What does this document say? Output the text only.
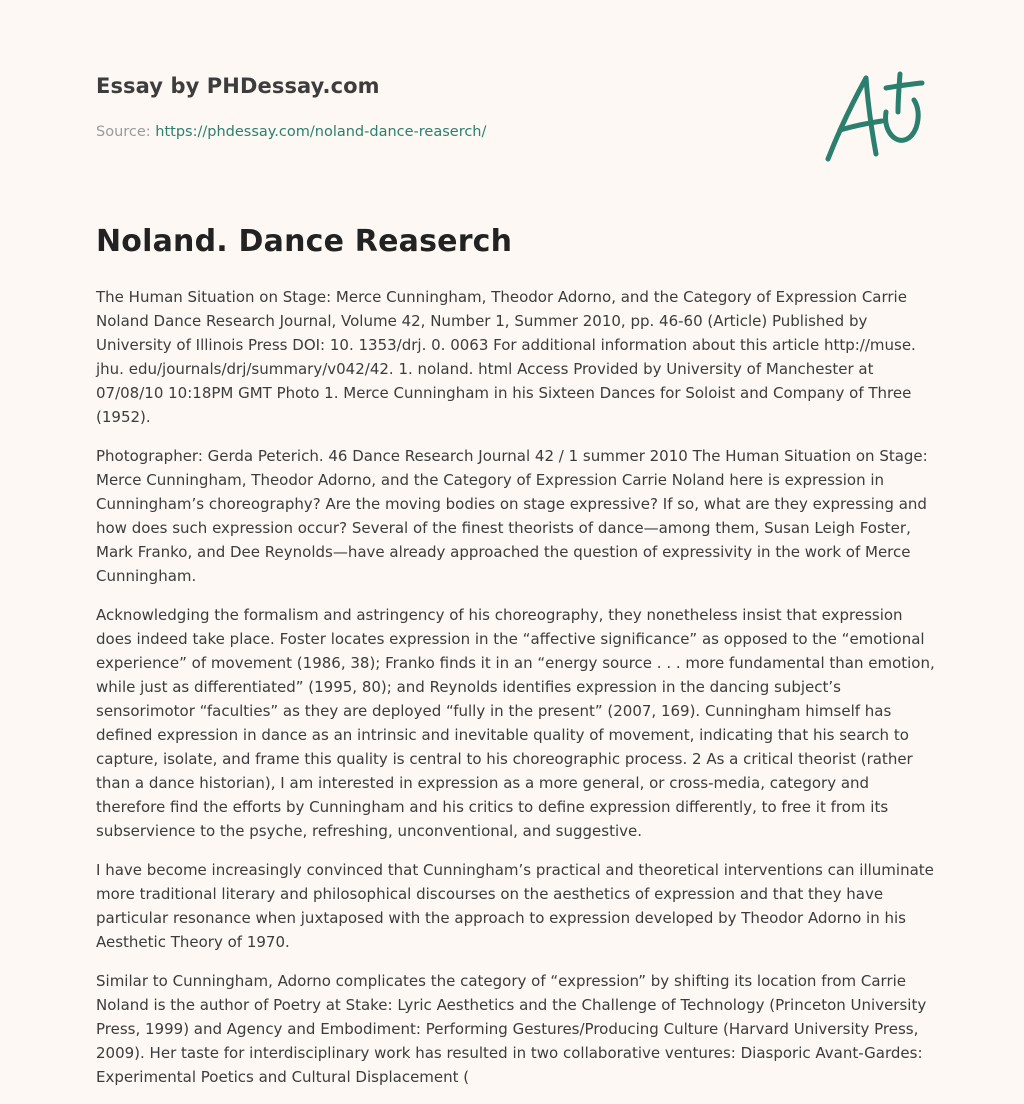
Essay by PHDessay.com
Source: https://phdessay.com/noland-dance-reaserch/
Noland. Dance Reaserch

The Human Situation on Stage: Merce Cunningham, Theodor Adorno, and the Category of Expression Carrie Noland Dance Research Journal, Volume 42, Number 1, Summer 2010, pp. 46-60 (Article) Published by University of Illinois Press DOI: 10. 1353/drj. 0. 0063 For additional information about this article http://muse. jhu. edu/journals/drj/summary/v042/42. 1. noland. html Access Provided by University of Manchester at 07/08/10 10:18PM GMT Photo 1. Merce Cunningham in his Sixteen Dances for Soloist and Company of Three (1952).

Photographer: Gerda Peterich. 46 Dance Research Journal 42 / 1 summer 2010 The Human Situation on Stage: Merce Cunningham, Theodor Adorno, and the Category of Expression Carrie Noland here is expression in Cunningham’s choreography? Are the moving bodies on stage expressive? If so, what are they expressing and how does such expression occur? Several of the finest theorists of dance—among them, Susan Leigh Foster, Mark Franko, and Dee Reynolds—have already approached the question of expressivity in the work of Merce Cunningham.

Acknowledging the formalism and astringency of his choreography, they nonetheless insist that expression does indeed take place. Foster locates expression in the “affective significance” as opposed to the “emotional experience” of movement (1986, 38); Franko finds it in an “energy source . . . more fundamental than emotion, while just as differentiated” (1995, 80); and Reynolds identifies expression in the dancing subject’s sensorimotor “faculties” as they are deployed “fully in the present” (2007, 169). Cunningham himself has defined expression in dance as an intrinsic and inevitable quality of movement, indicating that his search to capture, isolate, and frame this quality is central to his choreographic process. 2 As a critical theorist (rather than a dance historian), I am interested in expression as a more general, or cross-media, category and therefore find the efforts by Cunningham and his critics to define expression differently, to free it from its subservience to the psyche, refreshing, unconventional, and suggestive.

I have become increasingly convinced that Cunningham’s practical and theoretical interventions can illuminate more traditional literary and philosophical discourses on the aesthetics of expression and that they have particular resonance when juxtaposed with the approach to expression developed by Theodor Adorno in his Aesthetic Theory of 1970.

Similar to Cunningham, Adorno complicates the category of “expression” by shifting its location from Carrie Noland is the author of Poetry at Stake: Lyric Aesthetics and the Challenge of Technology (Princeton University Press, 1999) and Agency and Embodiment: Performing Gestures/Producing Culture (Harvard University Press, 2009). Her taste for interdisciplinary work has resulted in two collaborative ventures: Diasporic Avant-Gardes: Experimental Poetics and Cultural Displacement (
